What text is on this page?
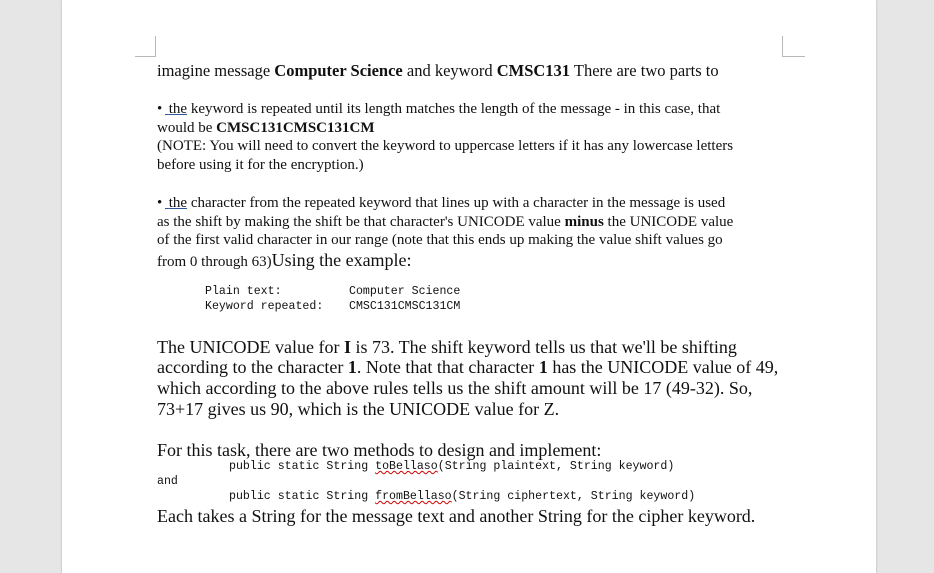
imagine message Computer Science and keyword CMSC131 There are two parts to
• the keyword is repeated until its length matches the length of the message - in this case, that
would be CMSC131CMSC131CM
(NOTE: You will need to convert the keyword to uppercase letters if it has any lowercase letters
before using it for the encryption.)
• the character from the repeated keyword that lines up with a character in the message is used
as the shift by making the shift be that character's UNICODE value minus the UNICODE value
of the first valid character in our range (note that this ends up making the value shift values go
from 0 through 63)Using the example:
Plain text:	Computer Science
Keyword repeated: CMSC131CMSC131CM
The UNICODE value for I is 73. The shift keyword tells us that we'll be shifting
according to the character 1. Note that that character 1 has the UNICODE value of 49,
which according to the above rules tells us the shift amount will be 17 (49-32). So,
73+17 gives us 90, which is the UNICODE value for Z.
For this task, there are two methods to design and implement:
public static String toBellaso(String plaintext, String keyword)
and
public static String fromBellaso(String ciphertext, String keyword)
Each takes a String for the message text and another String for the cipher keyword.
